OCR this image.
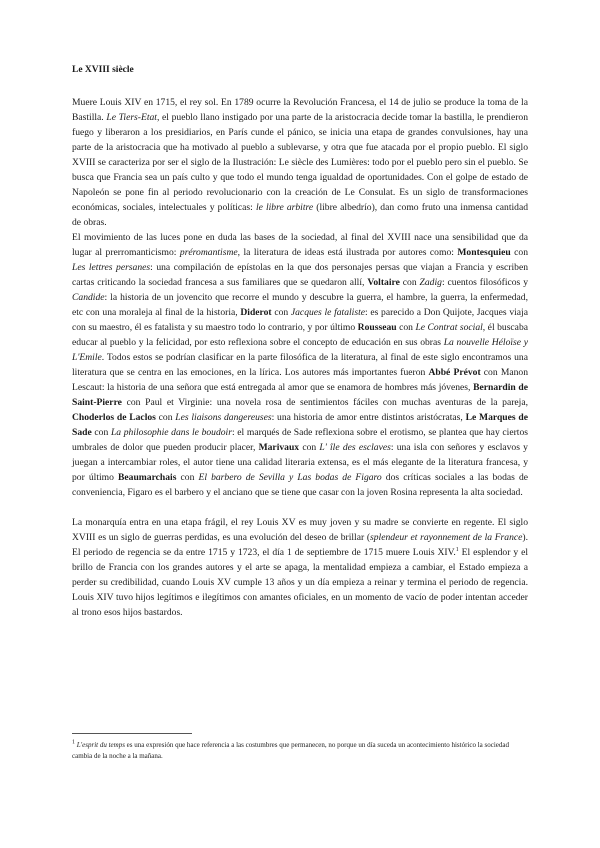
Le XVIII siècle

Muere Louis XIV en 1715, el rey sol. En 1789 ocurre la Revolución Francesa, el 14 de julio se produce la toma de la Bastilla. Le Tiers-Etat, el pueblo llano instigado por una parte de la aristocracia decide tomar la bastilla, le prendieron fuego y liberaron a los presidiarios, en París cunde el pánico, se inicia una etapa de grandes convulsiones, hay una parte de la aristocracia que ha motivado al pueblo a sublevarse, y otra que fue atacada por el propio pueblo. El siglo XVIII se caracteriza por ser el siglo de la Ilustración: Le siècle des Lumières: todo por el pueblo pero sin el pueblo. Se busca que Francia sea un país culto y que todo el mundo tenga igualdad de oportunidades. Con el golpe de estado de Napoleón se pone fin al periodo revolucionario con la creación de Le Consulat. Es un siglo de transformaciones económicas, sociales, intelectuales y políticas: le libre arbitre (libre albedrío), dan como fruto una inmensa cantidad de obras.

El movimiento de las luces pone en duda las bases de la sociedad, al final del XVIII nace una sensibilidad que da lugar al prerromanticismo: préromantisme, la literatura de ideas está ilustrada por autores como: Montesquieu con Les lettres persanes: una compilación de epístolas en la que dos personajes persas que viajan a Francia y escriben cartas criticando la sociedad francesa a sus familiares que se quedaron allí, Voltaire con Zadig: cuentos filosóficos y Candide: la historia de un jovencito que recorre el mundo y descubre la guerra, el hambre, la guerra, la enfermedad, etc con una moraleja al final de la historia, Diderot con Jacques le fataliste: es parecido a Don Quijote, Jacques viaja con su maestro, él es fatalista y su maestro todo lo contrario, y por último Rousseau con Le Contrat social, él buscaba educar al pueblo y la felicidad, por esto reflexiona sobre el concepto de educación en sus obras La nouvelle Héloïse y L'Emile. Todos estos se podrían clasificar en la parte filosófica de la literatura, al final de este siglo encontramos una literatura que se centra en las emociones, en la lírica. Los autores más importantes fueron Abbé Prévot con Manon Lescaut: la historia de una señora que está entregada al amor que se enamora de hombres más jóvenes, Bernardin de Saint-Pierre con Paul et Virginie: una novela rosa de sentimientos fáciles con muchas aventuras de la pareja, Choderlos de Laclos con Les liaisons dangereuses: una historia de amor entre distintos aristócratas, Le Marques de Sade con La philosophie dans le boudoir: el marqués de Sade reflexiona sobre el erotismo, se plantea que hay ciertos umbrales de dolor que pueden producir placer, Marivaux con L' île des esclaves: una isla con señores y esclavos y juegan a intercambiar roles, el autor tiene una calidad literaria extensa, es el más elegante de la literatura francesa, y por último Beaumarchais con El barbero de Sevilla y Las bodas de Figaro dos críticas sociales a las bodas de conveniencia, Figaro es el barbero y el anciano que se tiene que casar con la joven Rosina representa la alta sociedad.

La monarquía entra en una etapa frágil, el rey Louis XV es muy joven y su madre se convierte en regente. El siglo XVIII es un siglo de guerras perdidas, es una evolución del deseo de brillar (splendeur et rayonnement de la France). El periodo de regencia se da entre 1715 y 1723, el día 1 de septiembre de 1715 muere Louis XIV.$^1$ El esplendor y el brillo de Francia con los grandes autores y el arte se apaga, la mentalidad empieza a cambiar, el Estado empieza a perder su credibilidad, cuando Louis XV cumple 13 años y un día empieza a reinar y termina el periodo de regencia. Louis XIV tuvo hijos legítimos e ilegítimos con amantes oficiales, en un momento de vacío de poder intentan acceder al trono esos hijos bastardos.

$^1$ L'esprit du temps es una expresión que hace referencia a las costumbres que permanecen, no porque un día suceda un acontecimiento histórico la sociedad cambia de la noche a la mañana.
